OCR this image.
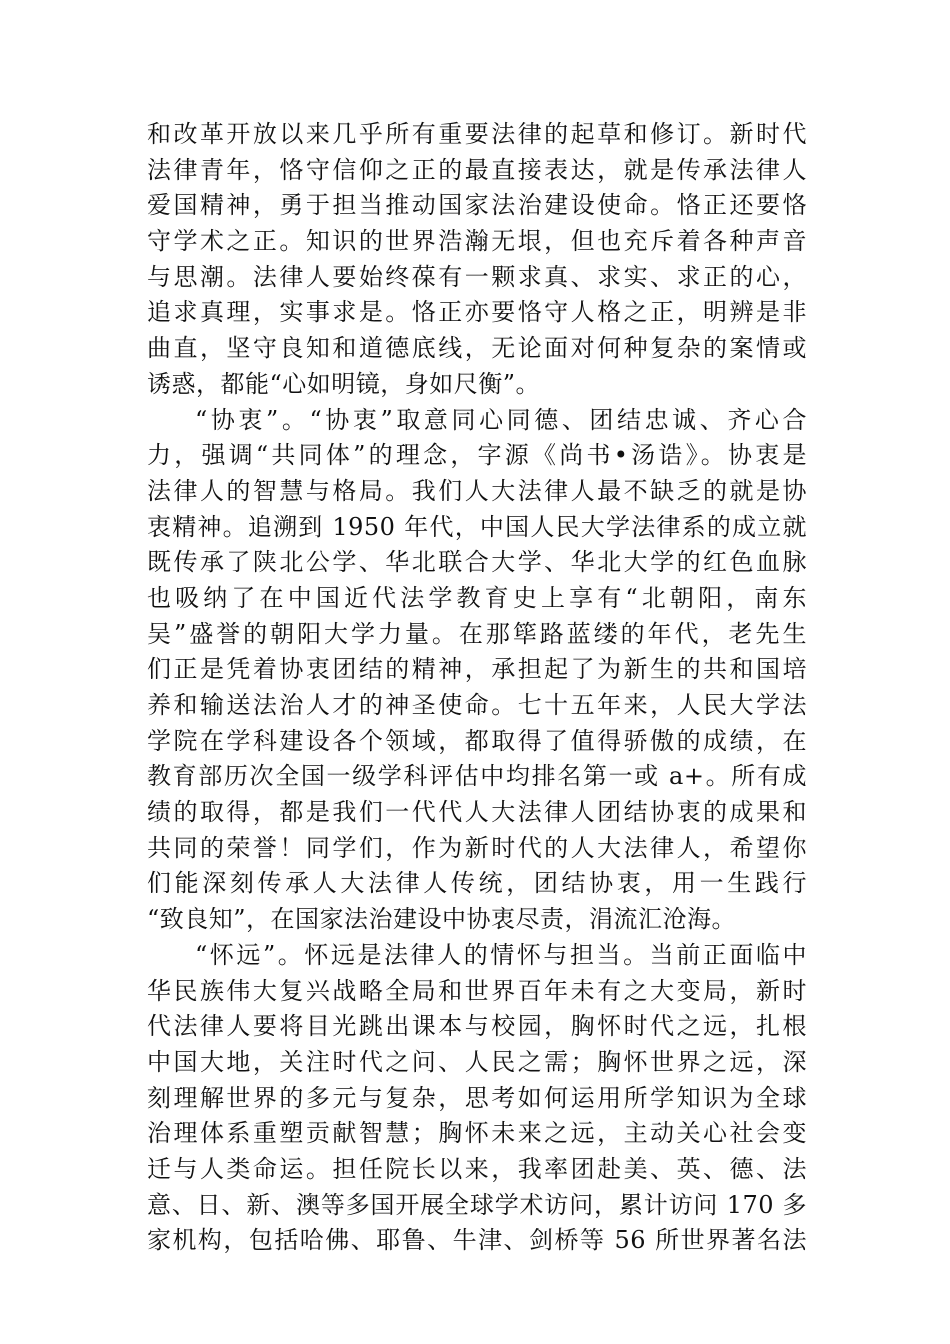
和改革开放以来几乎所有重要法律的起草和修订。新时代
法律青年，恪守信仰之正的最直接表达，就是传承法律人
爱国精神，勇于担当推动国家法治建设使命。恪正还要恪
守学术之正。知识的世界浩瀚无垠，但也充斥着各种声音
与思潮。法律人要始终葆有一颗求真、求实、求正的心，
追求真理，实事求是。恪正亦要恪守人格之正，明辨是非
曲直，坚守良知和道德底线，无论面对何种复杂的案情或
诱惑，都能“心如明镜，身如尺衡”。
“协衷”。“协衷”取意同心同德、团结忠诚、齐心合
力，强调“共同体”的理念，字源《尚书•汤诰》。协衷是
法律人的智慧与格局。我们人大法律人最不缺乏的就是协
衷精神。追溯到 1950 年代，中国人民大学法律系的成立就
既传承了陕北公学、华北联合大学、华北大学的红色血脉
也吸纳了在中国近代法学教育史上享有“北朝阳，南东
吴”盛誉的朝阳大学力量。在那筚路蓝缕的年代，老先生
们正是凭着协衷团结的精神，承担起了为新生的共和国培
养和输送法治人才的神圣使命。七十五年来，人民大学法
学院在学科建设各个领域，都取得了值得骄傲的成绩，在
教育部历次全国一级学科评估中均排名第一或 a+。所有成
绩的取得，都是我们一代代人大法律人团结协衷的成果和
共同的荣誉！同学们，作为新时代的人大法律人，希望你
们能深刻传承人大法律人传统，团结协衷，用一生践行
“致良知”，在国家法治建设中协衷尽责，涓流汇沧海。
“怀远”。怀远是法律人的情怀与担当。当前正面临中
华民族伟大复兴战略全局和世界百年未有之大变局，新时
代法律人要将目光跳出课本与校园，胸怀时代之远，扎根
中国大地，关注时代之问、人民之需；胸怀世界之远，深
刻理解世界的多元与复杂，思考如何运用所学知识为全球
治理体系重塑贡献智慧；胸怀未来之远，主动关心社会变
迁与人类命运。担任院长以来，我率团赴美、英、德、法
意、日、新、澳等多国开展全球学术访问，累计访问 170 多
家机构，包括哈佛、耶鲁、牛津、剑桥等 56 所世界著名法
